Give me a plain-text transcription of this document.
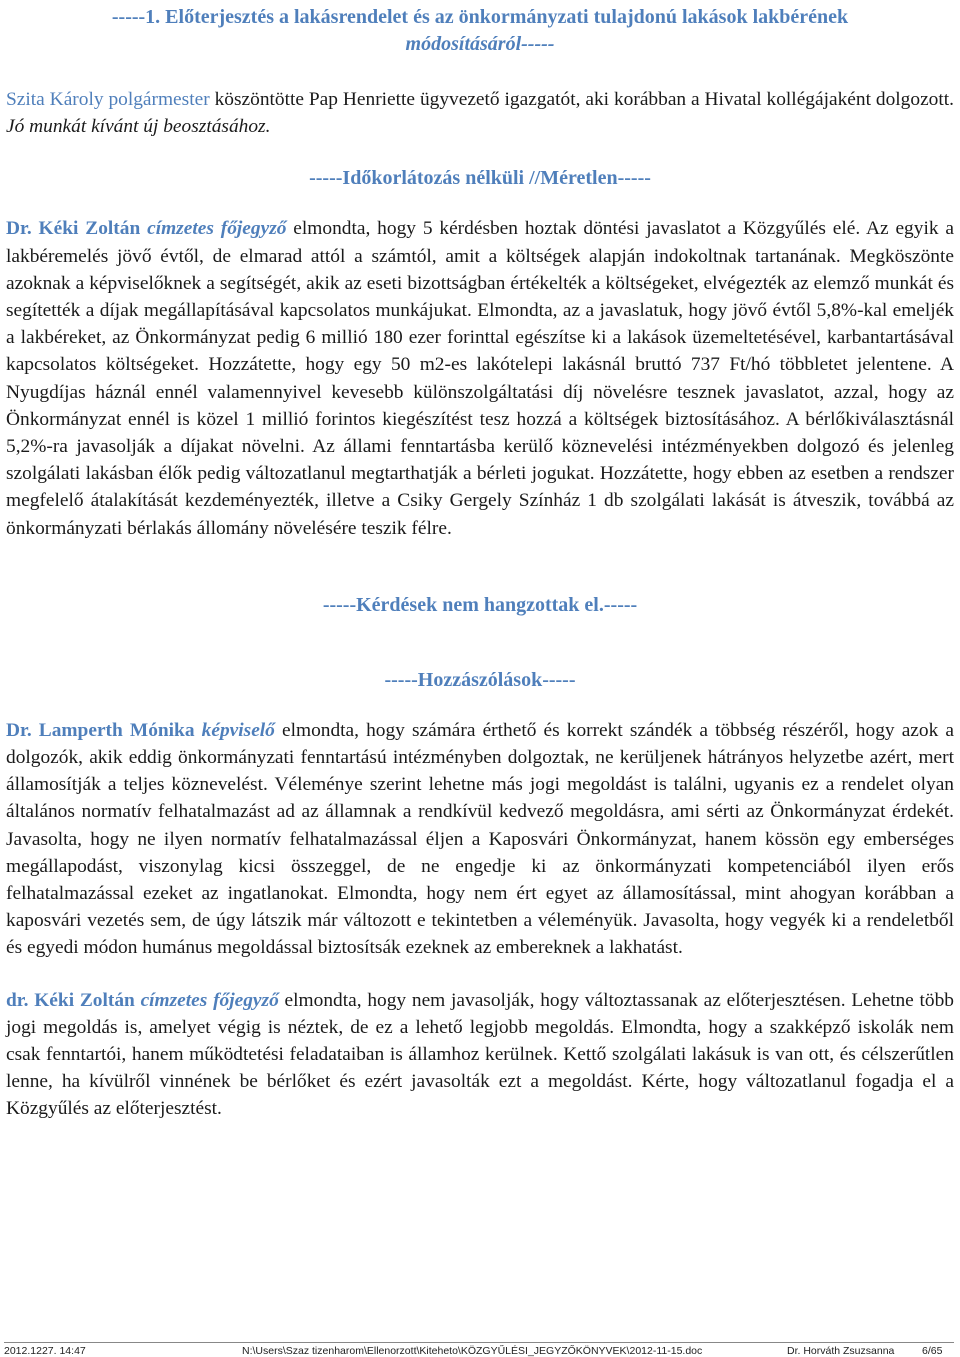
-----1. Előterjesztés a lakásrendelet és az önkormányzati tulajdonú lakások lakbérének
módosításáról-----

Szita Károly polgármester köszöntötte Pap Henriette ügyvezető igazgatót, aki korábban a Hivatal kollégájaként dolgozott. Jó munkát kívánt új beosztásához.

-----Időkorlátozás nélküli //Méretlen-----

Dr. Kéki Zoltán címzetes főjegyző elmondta, hogy 5 kérdésben hoztak döntési javaslatot a Közgyűlés elé. Az egyik a lakbéremelés jövő évtől, de elmarad attól a számtól, amit a költségek alapján indokoltnak tartanának. Megköszönte azoknak a képviselőknek a segítségét, akik az eseti bizottságban értékelték a költségeket, elvégezték az elemző munkát és segítették a díjak megállapításával kapcsolatos munkájukat. Elmondta, az a javaslatuk, hogy jövő évtől 5,8%-kal emeljék a lakbéreket, az Önkormányzat pedig 6 millió 180 ezer forinttal egészítse ki a lakások üzemeltetésével, karbantartásával kapcsolatos költségeket. Hozzátette, hogy egy 50 m2-es lakótelepi lakásnál bruttó 737 Ft/hó többletet jelentene. A Nyugdíjas háznál ennél valamennyivel kevesebb különszolgáltatási díj növelésre tesznek javaslatot, azzal, hogy az Önkormányzat ennél is közel 1 millió forintos kiegészítést tesz hozzá a költségek biztosításához. A bérlőkiválasztásnál 5,2%-ra javasolják a díjakat növelni. Az állami fenntartásba kerülő köznevelési intézményekben dolgozó és jelenleg szolgálati lakásban élők pedig változatlanul megtarthatják a bérleti jogukat. Hozzátette, hogy ebben az esetben a rendszer megfelelő átalakítását kezdeményezték, illetve a Csiky Gergely Színház 1 db szolgálati lakását is átveszik, továbbá az önkormányzati bérlakás állomány növelésére teszik félre.

-----Kérdések nem hangzottak el.-----

-----Hozzászólások-----

Dr. Lamperth Mónika képviselő elmondta, hogy számára érthető és korrekt szándék a többség részéről, hogy azok a dolgozók, akik eddig önkormányzati fenntartású intézményben dolgoztak, ne kerüljenek hátrányos helyzetbe azért, mert államosítják a teljes köznevelést. Véleménye szerint lehetne más jogi megoldást is találni, ugyanis ez a rendelet olyan általános normatív felhatalmazást ad az államnak a rendkívül kedvező megoldásra, ami sérti az Önkormányzat érdekét. Javasolta, hogy ne ilyen normatív felhatalmazással éljen a Kaposvári Önkormányzat, hanem kössön egy emberséges megállapodást, viszonylag kicsi összeggel, de ne engedje ki az önkormányzati kompetenciából ilyen erős felhatalmazással ezeket az ingatlanokat. Elmondta, hogy nem ért egyet az államosítással, mint ahogyan korábban a kaposvári vezetés sem, de úgy látszik már változott e tekintetben a véleményük. Javasolta, hogy vegyék ki a rendeletből és egyedi módon humánus megoldással biztosítsák ezeknek az embereknek a lakhatást.

dr. Kéki Zoltán címzetes főjegyző elmondta, hogy nem javasolják, hogy változtassanak az előterjesztésen. Lehetne több jogi megoldás is, amelyet végig is néztek, de ez a lehető legjobb megoldás. Elmondta, hogy a szakképző iskolák nem csak fenntartói, hanem működtetési feladataiban is államhoz kerülnek. Kettő szolgálati lakásuk is van ott, és célszerűtlen lenne, ha kívülről vinnének be bérlőket és ezért javasolták ezt a megoldást. Kérte, hogy változatlanul fogadja el a Közgyűlés az előterjesztést.

2012.1227. 14:47	N:\Users\Szaz tizenharom\Ellenorzott\Kiteheto\KÖZGYŰLÉSI_JEGYZŐKÖNYVEK\2012-11-15.doc	Dr. Horváth Zsuzsanna	6/65
